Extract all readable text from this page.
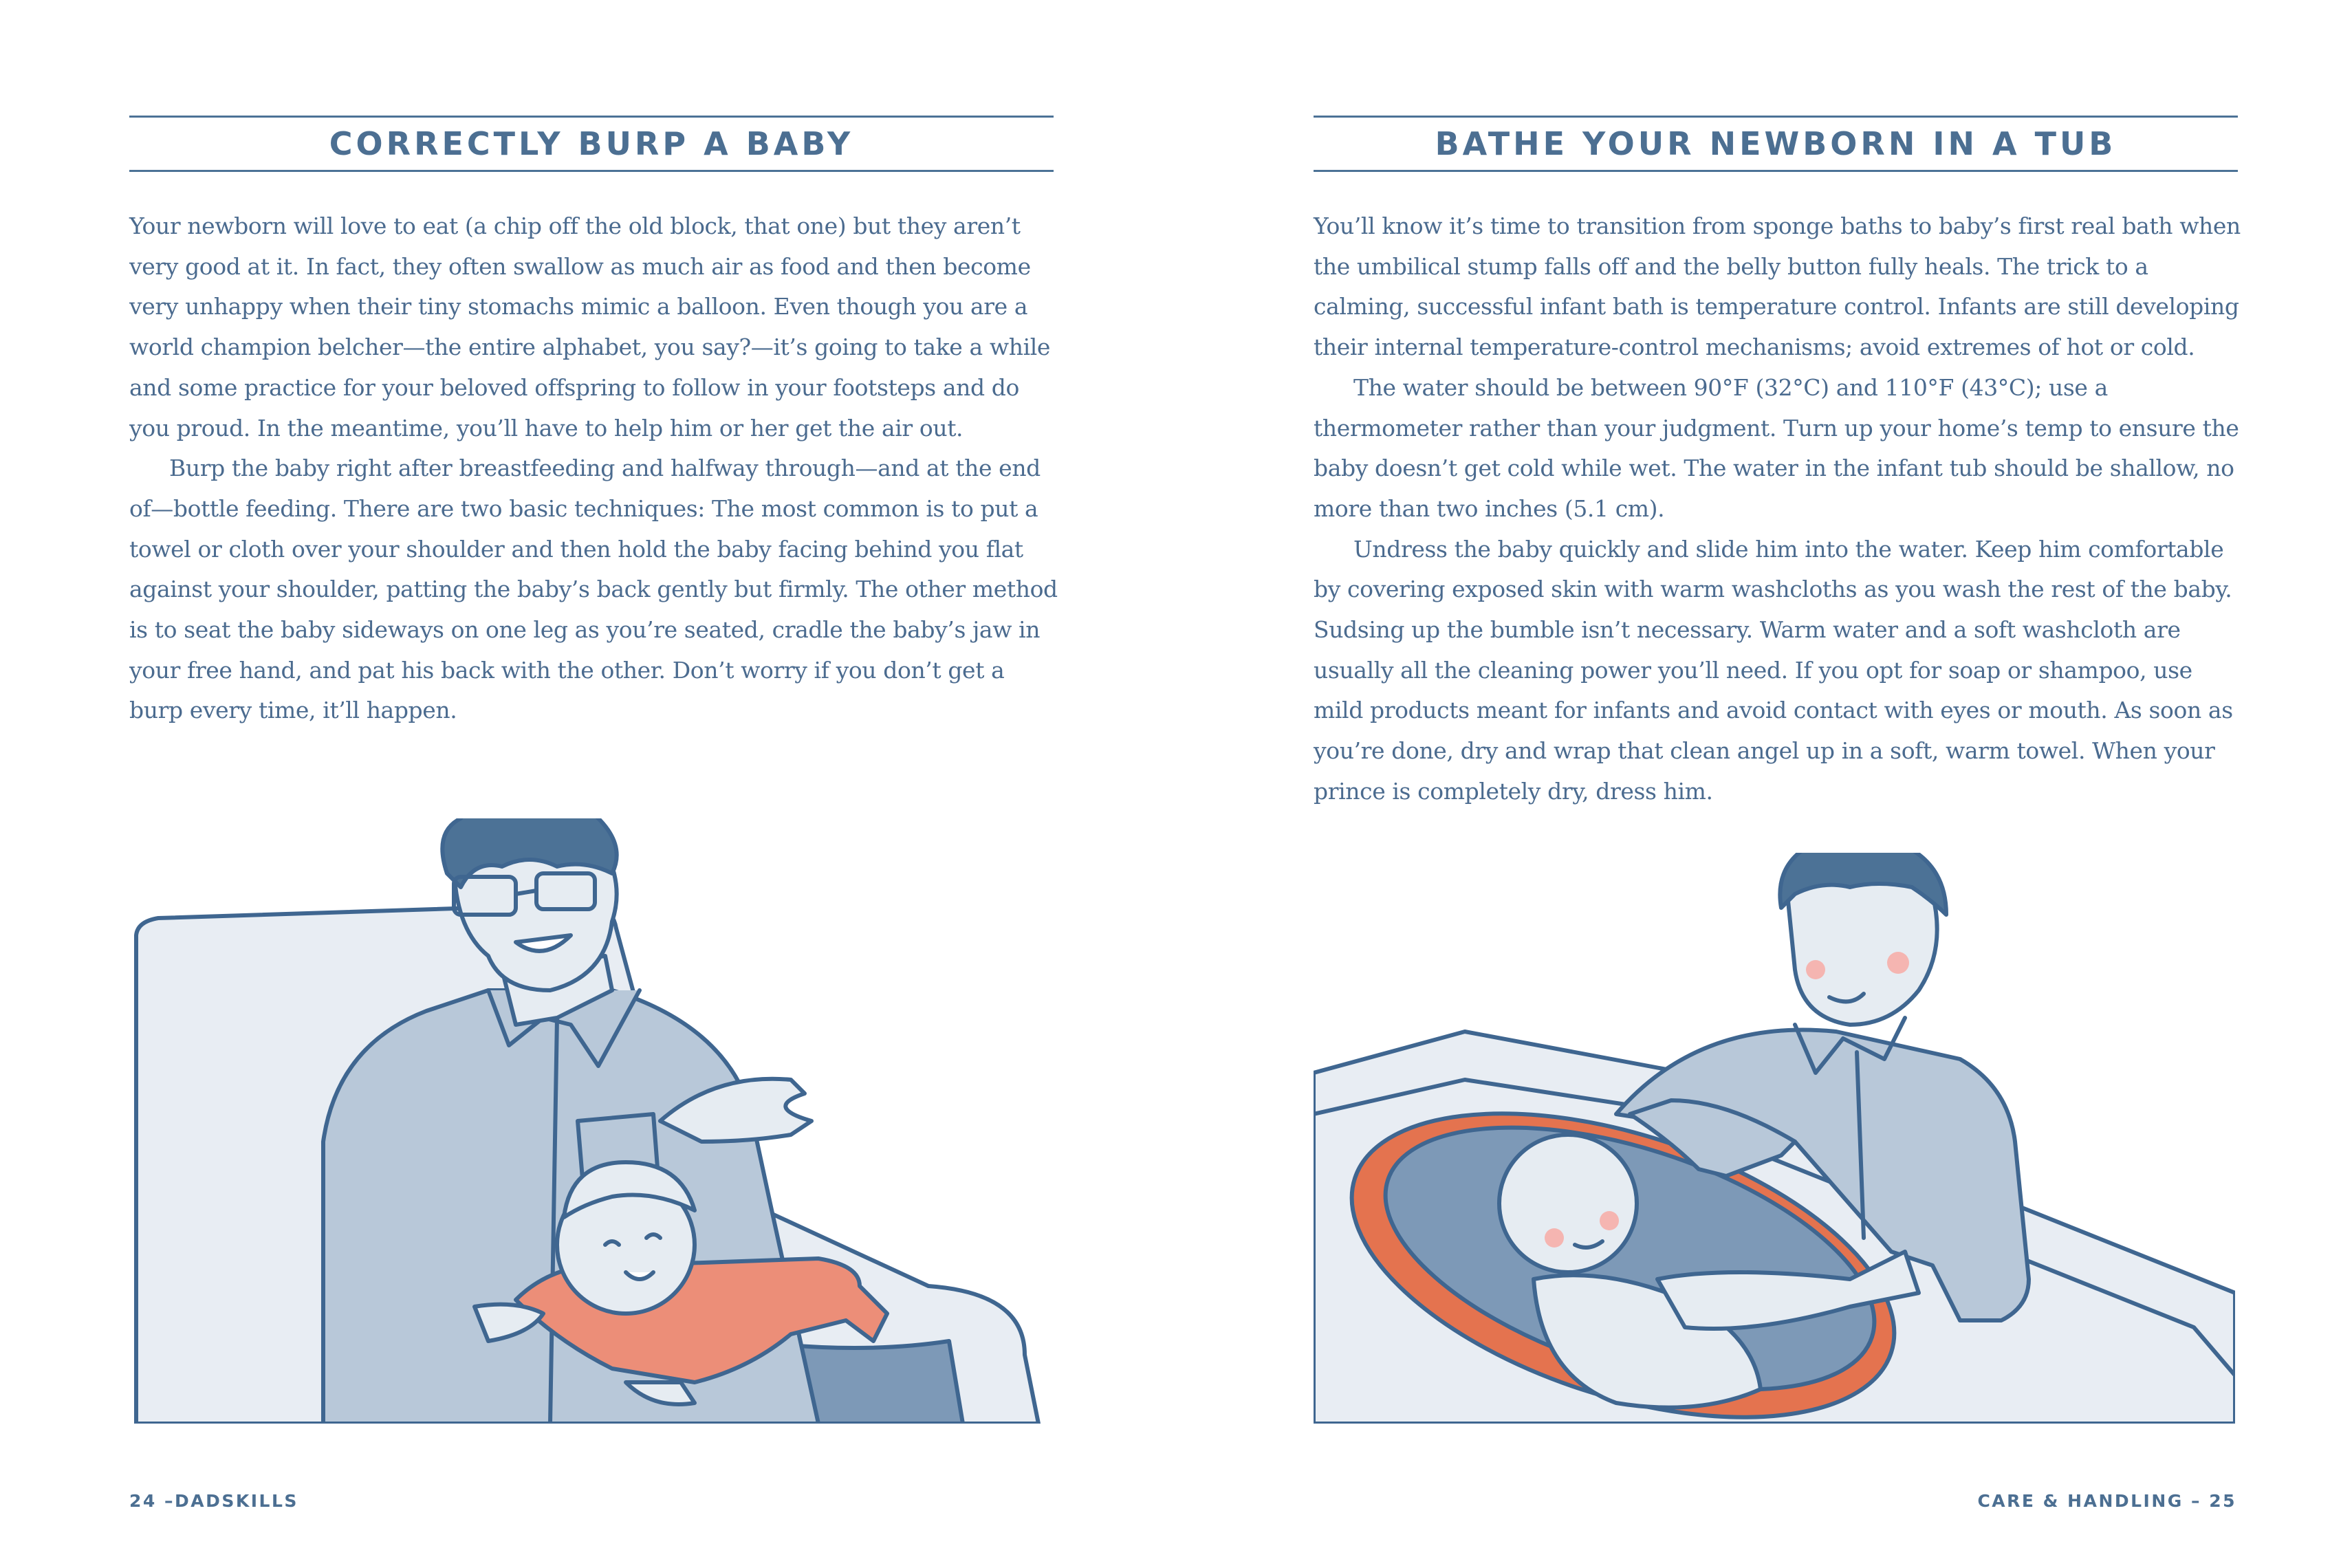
CORRECTLY BURP A BABY

Your newborn will love to eat (a chip off the old block, that one) but they aren’t very good at it. In fact, they often swallow as much air as food and then become very unhappy when their tiny stomachs mimic a balloon. Even though you are a world champion belcher—the entire alphabet, you say?—it’s going to take a while and some practice for your beloved offspring to follow in your footsteps and do you proud. In the meantime, you’ll have to help him or her get the air out.

Burp the baby right after breastfeeding and halfway through—and at the end of—bottle feeding. There are two basic techniques: The most common is to put a towel or cloth over your shoulder and then hold the baby facing behind you flat against your shoulder, patting the baby’s back gently but firmly. The other method is to seat the baby sideways on one leg as you’re seated, cradle the baby’s jaw in your free hand, and pat his back with the other. Don’t worry if you don’t get a burp every time, it’ll happen.

24 –DADSKILLS
BATHE YOUR NEWBORN IN A TUB

You’ll know it’s time to transition from sponge baths to baby’s first real bath when the umbilical stump falls off and the belly button fully heals. The trick to a calming, successful infant bath is temperature control. Infants are still developing their internal temperature-control mechanisms; avoid extremes of hot or cold.

The water should be between 90°F (32°C) and 110°F (43°C); use a thermometer rather than your judgment. Turn up your home’s temp to ensure the baby doesn’t get cold while wet. The water in the infant tub should be shallow, no more than two inches (5.1 cm).

Undress the baby quickly and slide him into the water. Keep him comfortable by covering exposed skin with warm washcloths as you wash the rest of the baby. Sudsing up the bumble isn’t necessary. Warm water and a soft washcloth are usually all the cleaning power you’ll need. If you opt for soap or shampoo, use mild products meant for infants and avoid contact with eyes or mouth. As soon as you’re done, dry and wrap that clean angel up in a soft, warm towel. When your prince is completely dry, dress him.

CARE & HANDLING – 25
